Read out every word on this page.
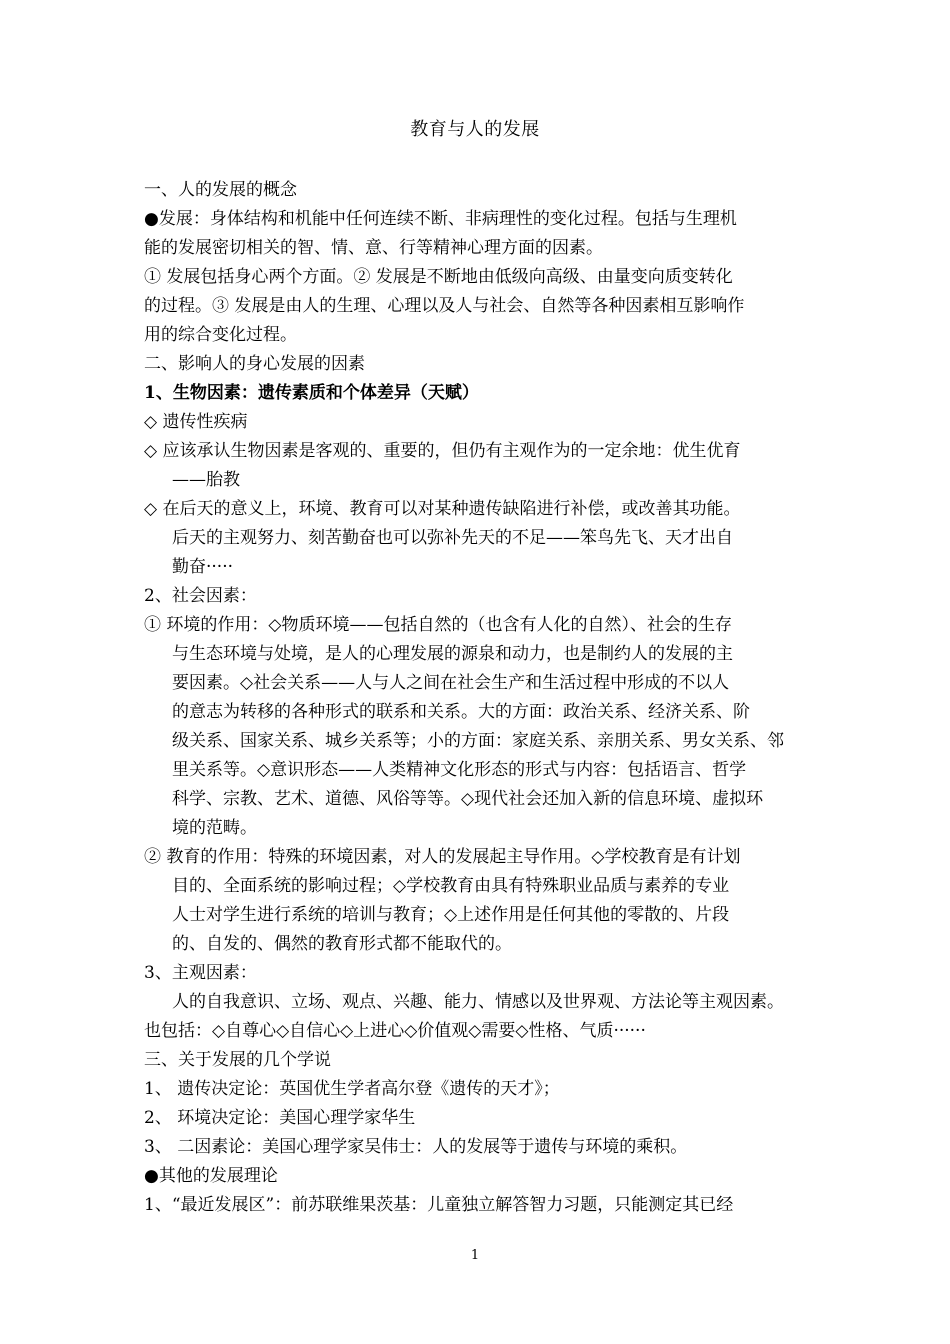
教育与人的发展
一、人的发展的概念
●发展：身体结构和机能中任何连续不断、非病理性的变化过程。包括与生理机
能的发展密切相关的智、情、意、行等精神心理方面的因素。
① 发展包括身心两个方面。② 发展是不断地由低级向高级、由量变向质变转化
的过程。③ 发展是由人的生理、心理以及人与社会、自然等各种因素相互影响作
用的综合变化过程。
二、影响人的身心发展的因素
1、生物因素：遗传素质和个体差异（天赋）
◇ 遗传性疾病
◇ 应该承认生物因素是客观的、重要的，但仍有主观作为的一定余地：优生优育
——胎教
◇ 在后天的意义上，环境、教育可以对某种遗传缺陷进行补偿，或改善其功能。
后天的主观努力、刻苦勤奋也可以弥补先天的不足——笨鸟先飞、天才出自
勤奋·····
2、社会因素：
① 环境的作用：◇物质环境——包括自然的（也含有人化的自然）、社会的生存
与生态环境与处境，是人的心理发展的源泉和动力，也是制约人的发展的主
要因素。◇社会关系——人与人之间在社会生产和生活过程中形成的不以人
的意志为转移的各种形式的联系和关系。大的方面：政治关系、经济关系、阶
级关系、国家关系、城乡关系等；小的方面：家庭关系、亲朋关系、男女关系、邻
里关系等。◇意识形态——人类精神文化形态的形式与内容：包括语言、哲学
科学、宗教、艺术、道德、风俗等等。◇现代社会还加入新的信息环境、虚拟环
境的范畴。
② 教育的作用：特殊的环境因素，对人的发展起主导作用。◇学校教育是有计划
目的、全面系统的影响过程；◇学校教育由具有特殊职业品质与素养的专业
人士对学生进行系统的培训与教育；◇上述作用是任何其他的零散的、片段
的、自发的、偶然的教育形式都不能取代的。
3、主观因素：
人的自我意识、立场、观点、兴趣、能力、情感以及世界观、方法论等主观因素。
也包括：◇自尊心◇自信心◇上进心◇价值观◇需要◇性格、气质······
三、关于发展的几个学说
1、 遗传决定论：英国优生学者高尔登《遗传的天才》；
2、 环境决定论：美国心理学家华生
3、 二因素论：美国心理学家吴伟士：人的发展等于遗传与环境的乘积。
●其他的发展理论
1、“最近发展区”：前苏联维果茨基：儿童独立解答智力习题，只能测定其已经
1
